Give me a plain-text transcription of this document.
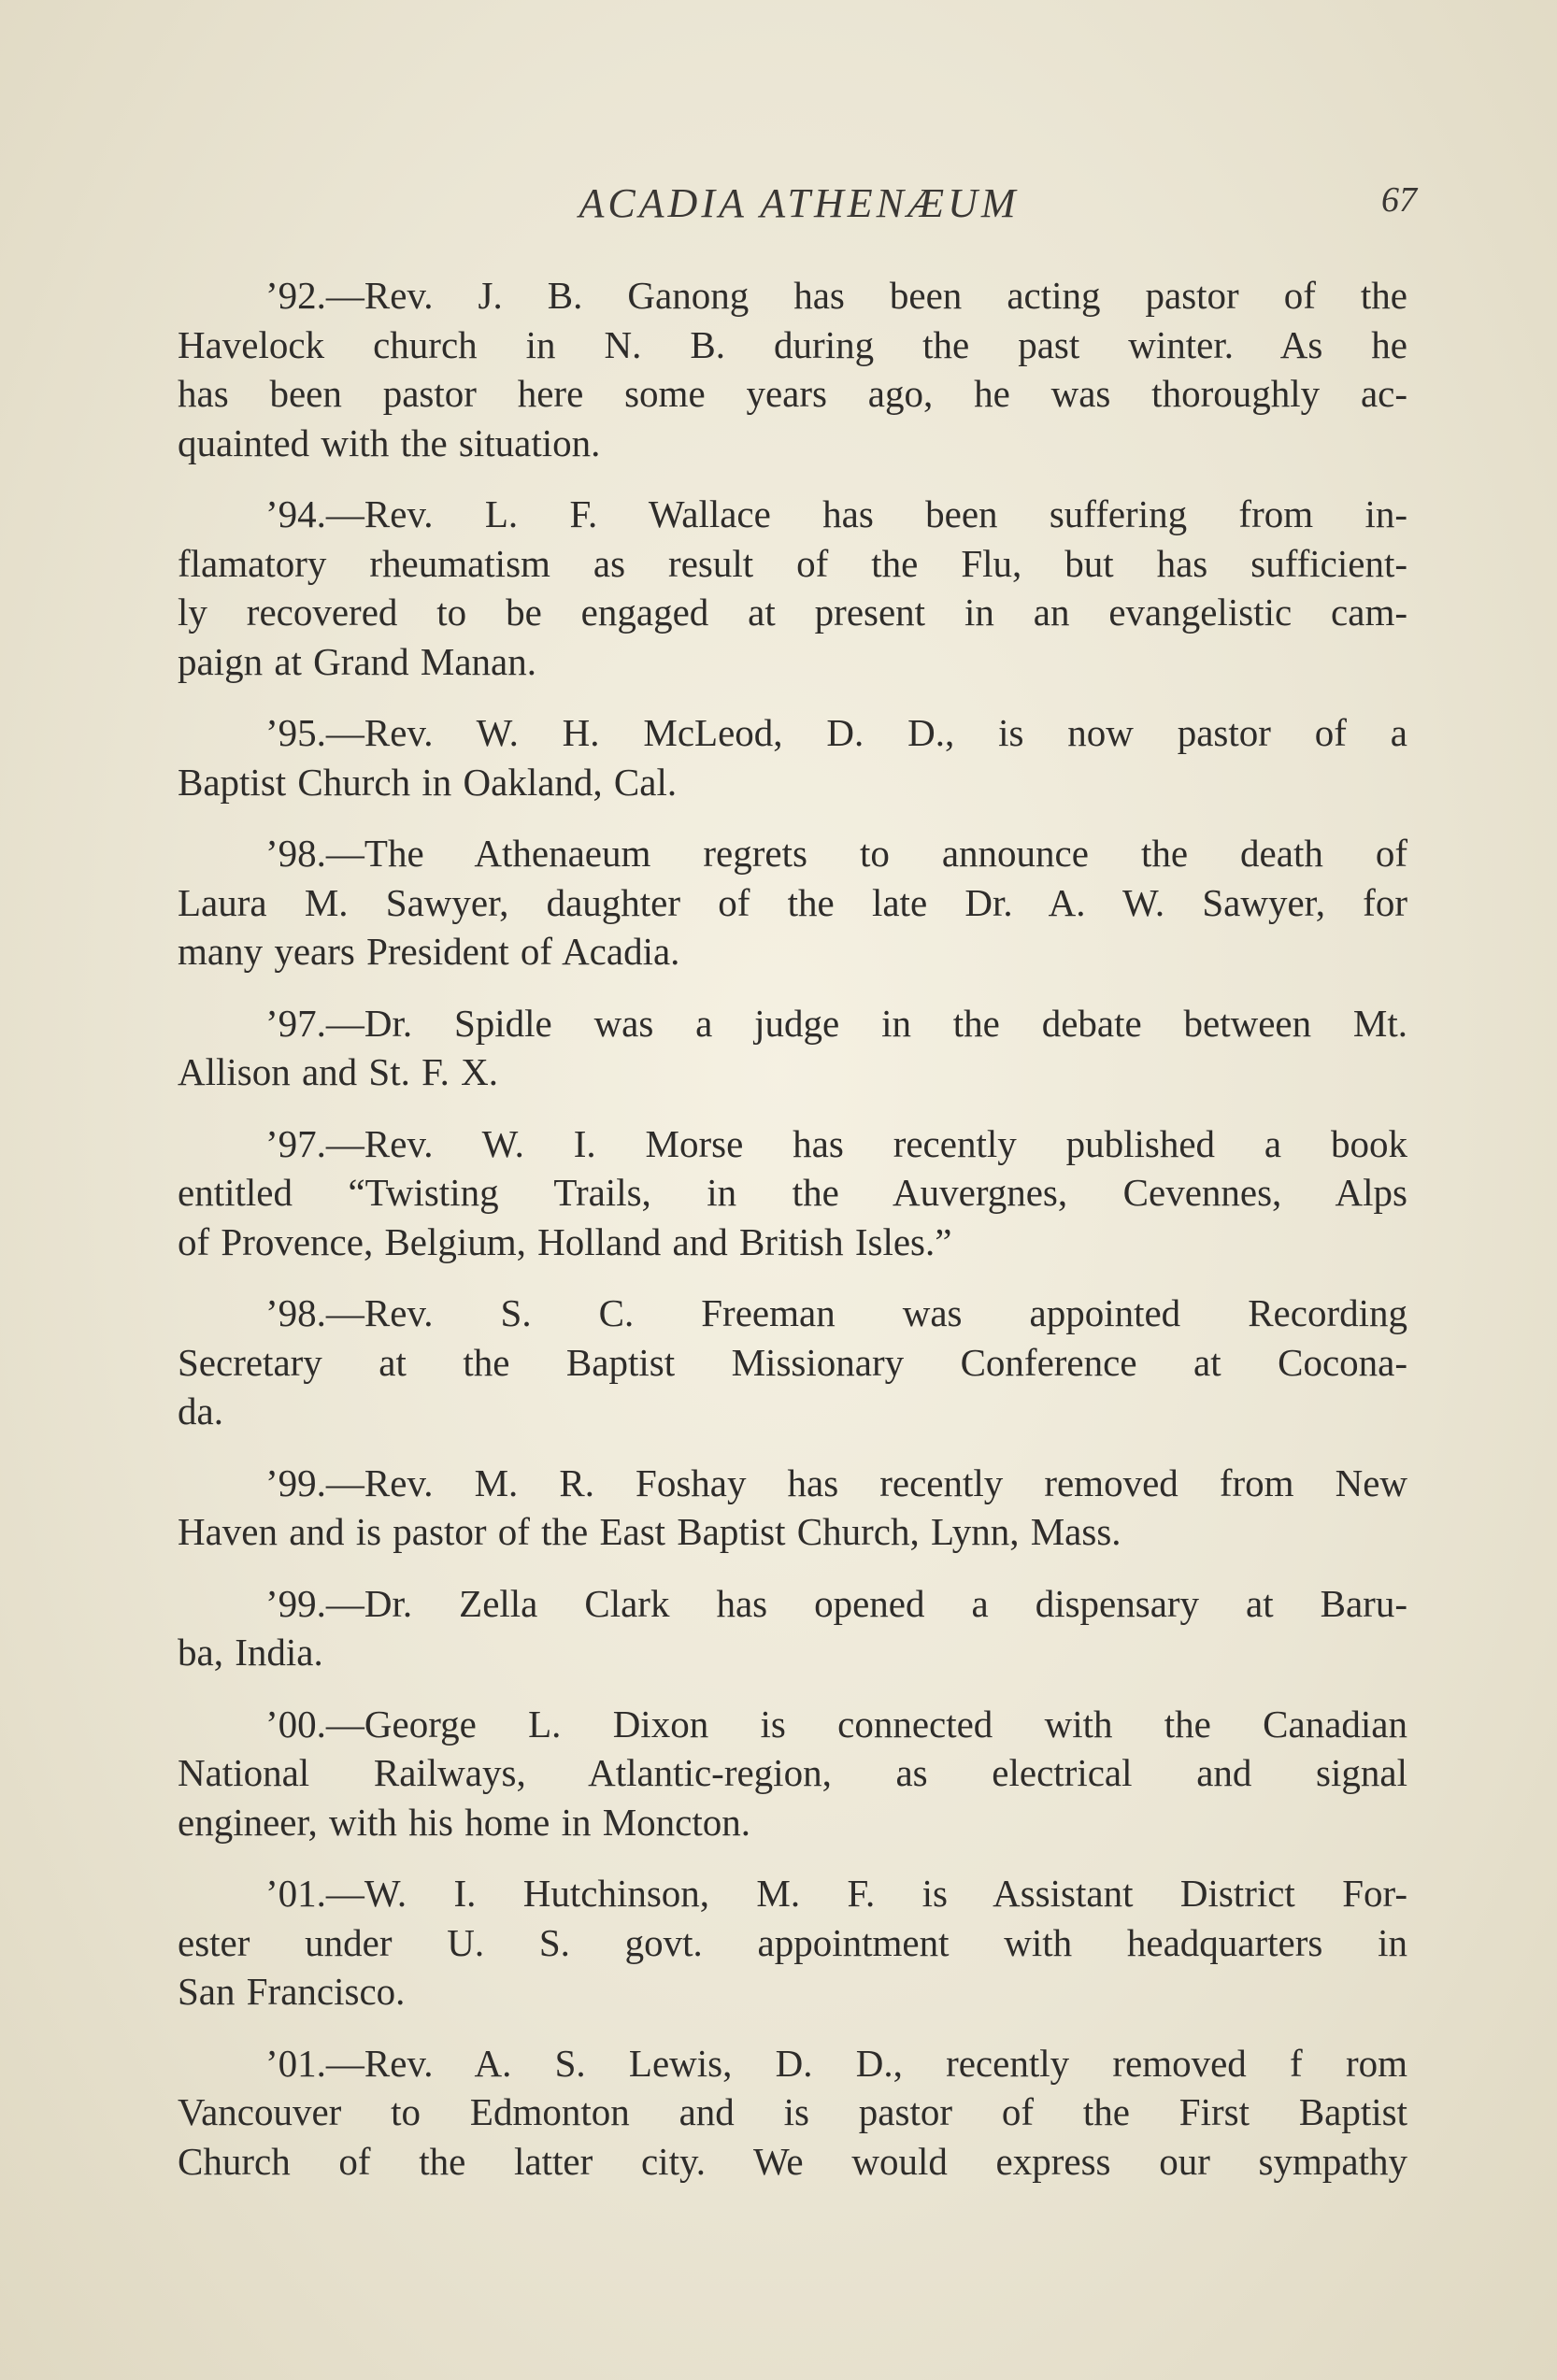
ACADIA ATHENÆUM	67
’92.—Rev. J. B. Ganong has been acting pastor of the
Havelock church in N. B. during the past winter. As he
has been pastor here some years ago, he was thoroughly ac-
quainted with the situation.
’94.—Rev. L. F. Wallace has been suffering from in-
flamatory rheumatism as result of the Flu, but has sufficient-
ly recovered to be engaged at present in an evangelistic cam-
paign at Grand Manan.
’95.—Rev. W. H. McLeod, D. D., is now pastor of a
Baptist Church in Oakland, Cal.
’98.—The Athenaeum regrets to announce the death of
Laura M. Sawyer, daughter of the late Dr. A. W. Sawyer, for
many years President of Acadia.
’97.—Dr. Spidle was a judge in the debate between Mt.
Allison and St. F. X.
’97.—Rev. W. I. Morse has recently published a book
entitled “Twisting Trails, in the Auvergnes, Cevennes, Alps
of Provence, Belgium, Holland and British Isles.”
’98.—Rev. S. C. Freeman was appointed Recording
Secretary at the Baptist Missionary Conference at Cocona-
da.
’99.—Rev. M. R. Foshay has recently removed from New
Haven and is pastor of the East Baptist Church, Lynn, Mass.
’99.—Dr. Zella Clark has opened a dispensary at Baru-
ba, India.
’00.—George L. Dixon is connected with the Canadian
National Railways, Atlantic-region, as electrical and signal
engineer, with his home in Moncton.
’01.—W. I. Hutchinson, M. F. is Assistant District For-
ester under U. S. govt. appointment with headquarters in
San Francisco.
’01.—Rev. A. S. Lewis, D. D., recently removed f rom
Vancouver to Edmonton and is pastor of the First Baptist
Church of the latter city. We would express our sympathy
